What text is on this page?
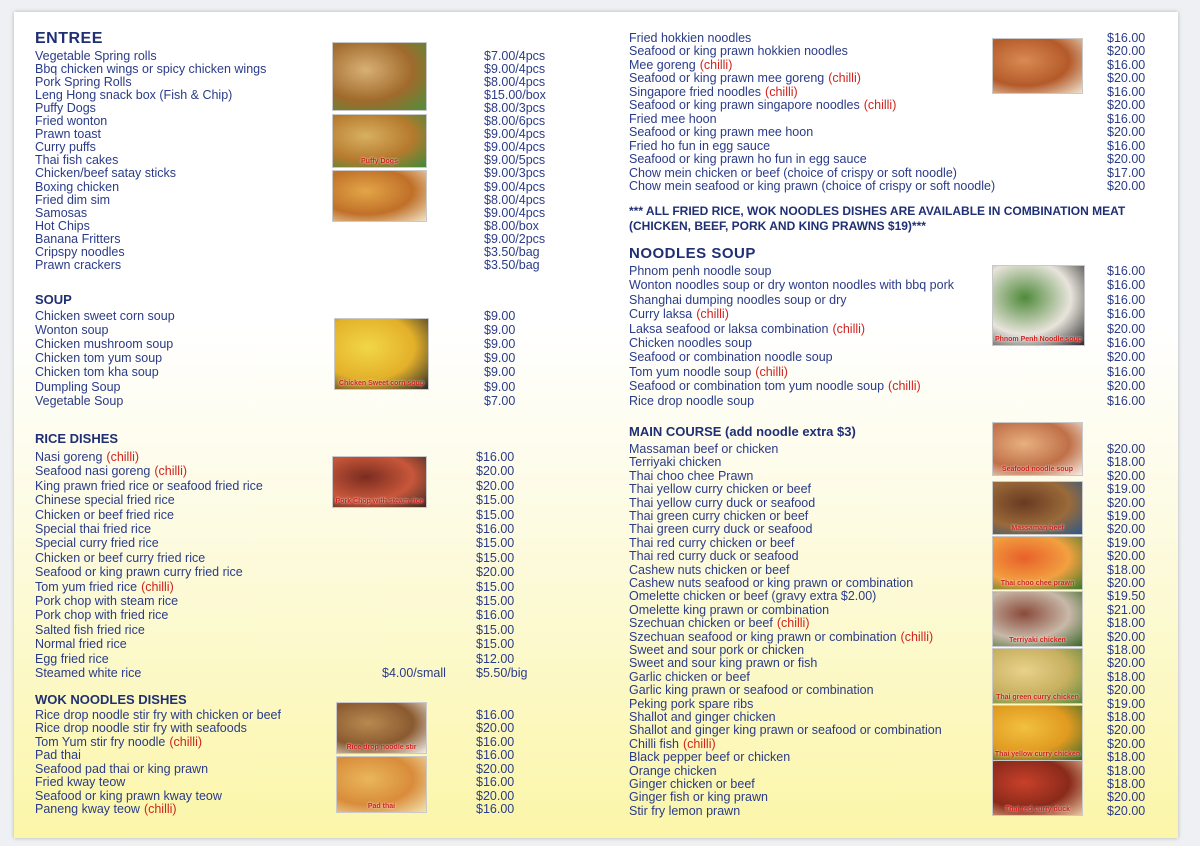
ENTREE
Vegetable Spring rolls	$7.00/4pcs
Bbq chicken wings or spicy chicken wings	$9.00/4pcs
Pork Spring Rolls	$8.00/4pcs
Leng Hong snack box (Fish & Chip)	$15.00/box
Puffy Dogs	$8.00/3pcs
Fried wonton	$8.00/6pcs
Prawn toast	$9.00/4pcs
Curry puffs	$9.00/4pcs
Thai fish cakes	$9.00/5pcs
Chicken/beef satay sticks	$9.00/3pcs
Boxing chicken	$9.00/4pcs
Fried dim sim	$8.00/4pcs
Samosas	$9.00/4pcs
Hot Chips	$8.00/box
Banana Fritters	$9.00/2pcs
Cripspy noodles	$3.50/bag
Prawn crackers	$3.50/bag
SOUP
Chicken sweet corn soup	$9.00
Wonton soup	$9.00
Chicken mushroom soup	$9.00
Chicken tom yum soup	$9.00
Chicken tom kha soup	$9.00
Dumpling Soup	$9.00
Vegetable Soup	$7.00
RICE DISHES
Nasi goreng (chilli)	$16.00
Seafood nasi goreng (chilli)	$20.00
King prawn fried rice or seafood fried rice	$20.00
Chinese special fried rice	$15.00
Chicken or beef fried rice	$15.00
Special thai fried rice	$16.00
Special curry fried rice	$15.00
Chicken or beef curry fried rice	$15.00
Seafood or king prawn curry fried rice	$20.00
Tom yum fried rice (chilli)	$15.00
Pork chop with steam rice	$15.00
Pork chop with fried rice	$16.00
Salted fish fried rice	$15.00
Normal fried rice	$15.00
Egg fried rice	$12.00
Steamed white rice	$4.00/small $5.50/big
WOK NOODLES DISHES
Rice drop noodle stir fry with chicken or beef	$16.00
Rice drop noodle stir fry with seafoods	$20.00
Tom Yum stir fry noodle (chilli)	$16.00
Pad thai	$16.00
Seafood pad thai or king prawn	$20.00
Fried kway teow	$16.00
Seafood or king prawn kway teow	$20.00
Paneng kway teow (chilli)	$16.00
Fried hokkien noodles	$16.00
Seafood or king prawn hokkien noodles	$20.00
Mee goreng (chilli)	$16.00
Seafood or king prawn mee goreng (chilli)	$20.00
Singapore fried noodles (chilli)	$16.00
Seafood or king prawn singapore noodles (chilli)	$20.00
Fried mee hoon	$16.00
Seafood or king prawn mee hoon	$20.00
Fried ho fun in egg sauce	$16.00
Seafood or king prawn ho fun in egg sauce	$20.00
Chow mein chicken or beef (choice of crispy or soft noodle)	$17.00
Chow mein seafood or king prawn (choice of crispy or soft noodle)	$20.00
*** ALL FRIED RICE, WOK NOODLES DISHES ARE AVAILABLE IN COMBINATION MEAT (CHICKEN, BEEF, PORK AND KING PRAWNS $19)***
NOODLES SOUP
Phnom penh noodle soup	$16.00
Wonton noodles soup or dry wonton noodles with bbq pork	$16.00
Shanghai dumping noodles soup or dry	$16.00
Curry laksa (chilli)	$16.00
Laksa seafood or laksa combination (chilli)	$20.00
Chicken noodles soup	$16.00
Seafood or combination noodle soup	$20.00
Tom yum noodle soup (chilli)	$16.00
Seafood or combination tom yum noodle soup (chilli)	$20.00
Rice drop noodle soup	$16.00
MAIN COURSE (add noodle extra $3)
Massaman beef or chicken	$20.00
Terriyaki chicken	$18.00
Thai choo chee Prawn	$20.00
Thai yellow curry chicken or beef	$19.00
Thai yellow curry duck or seafood	$20.00
Thai green curry chicken or beef	$19.00
Thai green curry duck or seafood	$20.00
Thai red curry chicken or beef	$19.00
Thai red curry duck or seafood	$20.00
Cashew nuts chicken or beef	$18.00
Cashew nuts seafood or king prawn or combination	$20.00
Omelette chicken or beef (gravy extra $2.00)	$19.50
Omelette king prawn or combination	$21.00
Szechuan chicken or beef (chilli)	$18.00
Szechuan seafood or king prawn or combination (chilli)	$20.00
Sweet and sour pork or chicken	$18.00
Sweet and sour king prawn or fish	$20.00
Garlic chicken or beef	$18.00
Garlic king prawn or seafood or combination	$20.00
Peking pork spare ribs	$19.00
Shallot and ginger chicken	$18.00
Shallot and ginger king prawn or seafood or combination	$20.00
Chilli fish (chilli)	$20.00
Black pepper beef or chicken	$18.00
Orange chicken	$18.00
Ginger chicken or beef	$18.00
Ginger fish or king prawn	$20.00
Stir fry lemon prawn	$20.00
Puffy Dogs
Chicken Sweet corn soup
Pork Chop with steam rice
Rice drop noodle stir
Pad thai
Phnom Penh Noodle soup
Seafood noodle soup
Massaman beef
Thai choo chee prawn
Terriyaki chicken
Thai green curry chicken
Thai yellow curry chicken
Thai red curry duck
